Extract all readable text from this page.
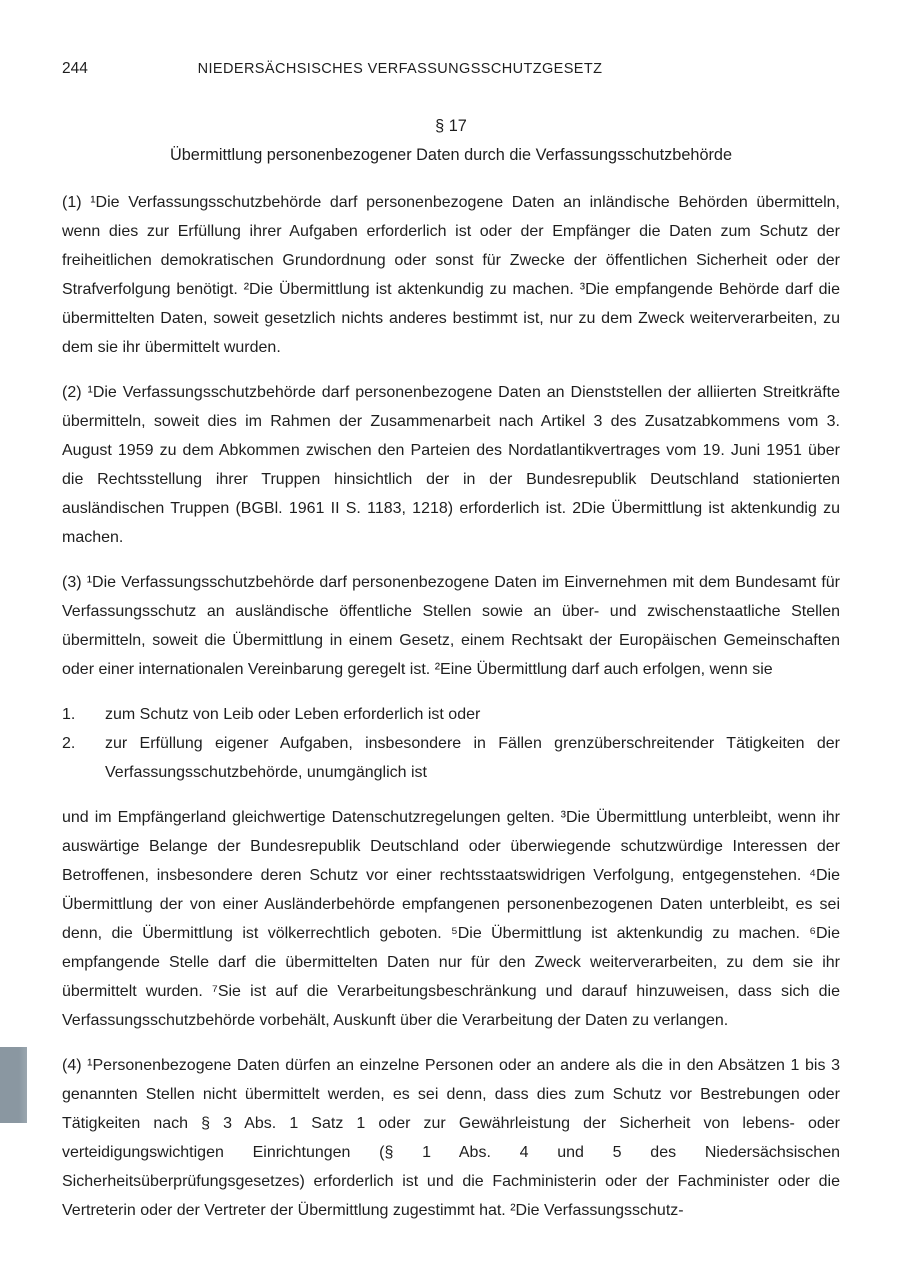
244	NIEDERSÄCHSISCHES VERFASSUNGSSCHUTZGESETZ
§ 17
Übermittlung personenbezogener Daten durch die Verfassungsschutzbehörde

(1) ¹Die Verfassungsschutzbehörde darf personenbezogene Daten an inländische Behörden übermitteln, wenn dies zur Erfüllung ihrer Aufgaben erforderlich ist oder der Empfänger die Daten zum Schutz der freiheitlichen demokratischen Grundordnung oder sonst für Zwecke der öffentlichen Sicherheit oder der Strafverfolgung benötigt. ²Die Übermittlung ist aktenkundig zu machen. ³Die empfangende Behörde darf die übermittelten Daten, soweit gesetzlich nichts anderes bestimmt ist, nur zu dem Zweck weiterverarbeiten, zu dem sie ihr übermittelt wurden.

(2) ¹Die Verfassungsschutzbehörde darf personenbezogene Daten an Dienststellen der alliierten Streitkräfte übermitteln, soweit dies im Rahmen der Zusammenarbeit nach Artikel 3 des Zusatzabkommens vom 3. August 1959 zu dem Abkommen zwischen den Parteien des Nordatlantikvertrages vom 19. Juni 1951 über die Rechtsstellung ihrer Truppen hinsichtlich der in der Bundesrepublik Deutschland stationierten ausländischen Truppen (BGBl. 1961 II S. 1183, 1218) erforderlich ist. 2Die Übermittlung ist aktenkundig zu machen.

(3) ¹Die Verfassungsschutzbehörde darf personenbezogene Daten im Einvernehmen mit dem Bundesamt für Verfassungsschutz an ausländische öffentliche Stellen sowie an über- und zwischenstaatliche Stellen übermitteln, soweit die Übermittlung in einem Gesetz, einem Rechtsakt der Europäischen Gemeinschaften oder einer internationalen Vereinbarung geregelt ist. ²Eine Übermittlung darf auch erfolgen, wenn sie

1.	zum Schutz von Leib oder Leben erforderlich ist oder
2.	zur Erfüllung eigener Aufgaben, insbesondere in Fällen grenzüberschreitender Tätigkeiten der Verfassungsschutzbehörde, unumgänglich ist

und im Empfängerland gleichwertige Datenschutzregelungen gelten. ³Die Übermittlung unterbleibt, wenn ihr auswärtige Belange der Bundesrepublik Deutschland oder überwiegende schutzwürdige Interessen der Betroffenen, insbesondere deren Schutz vor einer rechtsstaatswidrigen Verfolgung, entgegenstehen. ⁴Die Übermittlung der von einer Ausländerbehörde empfangenen personenbezogenen Daten unterbleibt, es sei denn, die Übermittlung ist völkerrechtlich geboten. ⁵Die Übermittlung ist aktenkundig zu machen. ⁶Die empfangende Stelle darf die übermittelten Daten nur für den Zweck weiterverarbeiten, zu dem sie ihr übermittelt wurden. ⁷Sie ist auf die Verarbeitungsbeschränkung und darauf hinzuweisen, dass sich die Verfassungsschutzbehörde vorbehält, Auskunft über die Verarbeitung der Daten zu verlangen.

(4) ¹Personenbezogene Daten dürfen an einzelne Personen oder an andere als die in den Absätzen 1 bis 3 genannten Stellen nicht übermittelt werden, es sei denn, dass dies zum Schutz vor Bestrebungen oder Tätigkeiten nach § 3 Abs. 1 Satz 1 oder zur Gewährleistung der Sicherheit von lebens- oder verteidigungswichtigen Einrichtungen (§ 1 Abs. 4 und 5 des Niedersächsischen Sicherheitsüberprüfungsgesetzes) erforderlich ist und die Fachministerin oder der Fachminister oder die Vertreterin oder der Vertreter der Übermittlung zugestimmt hat. ²Die Verfassungsschutz-
